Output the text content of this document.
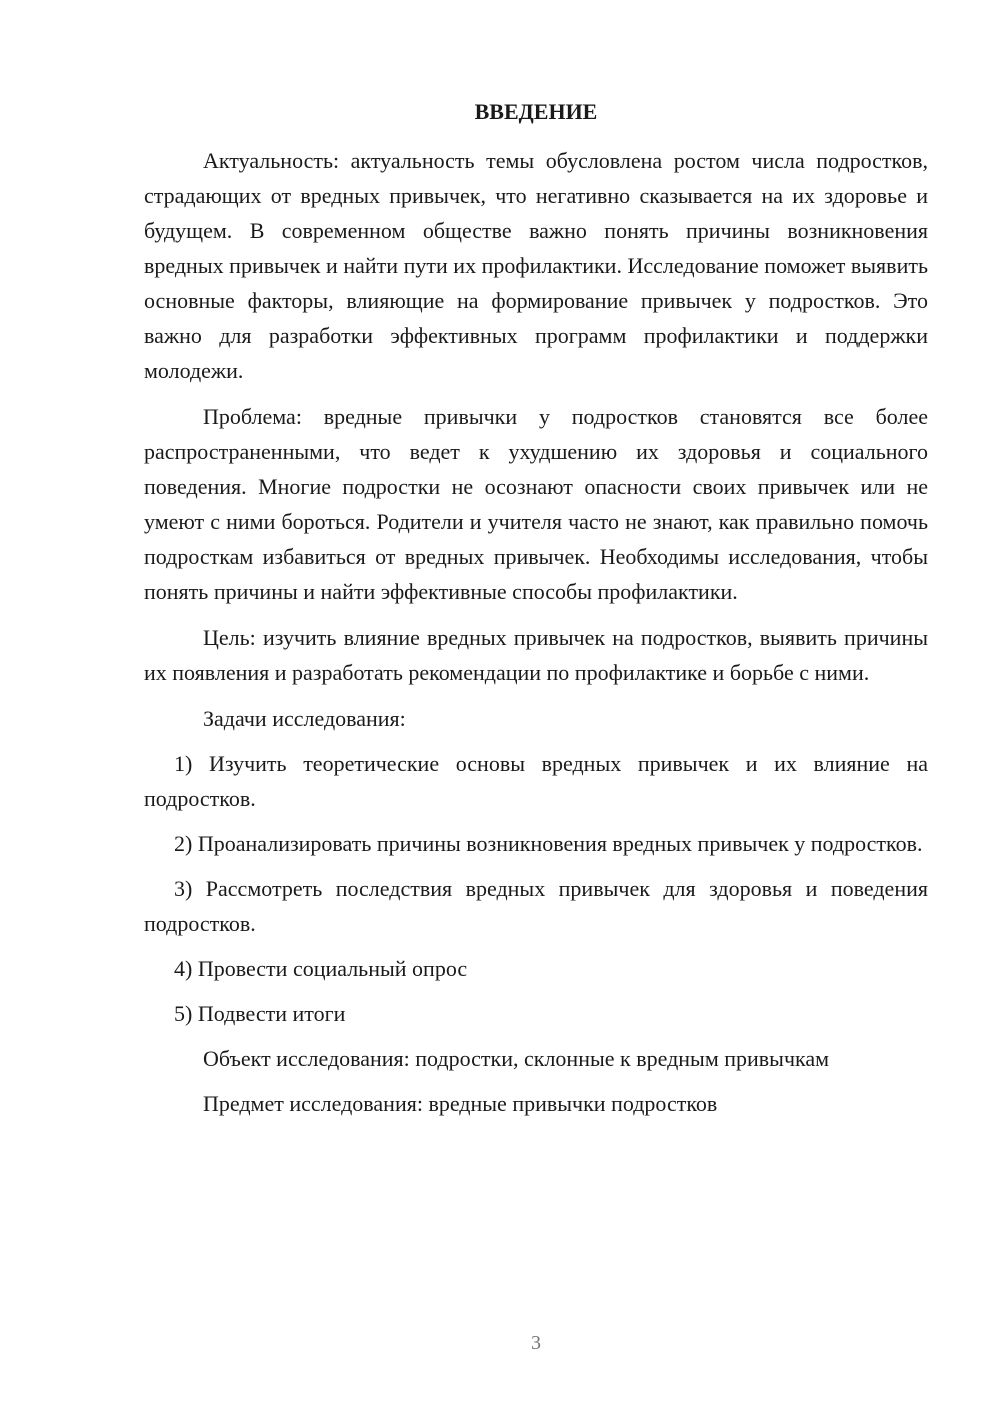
ВВЕДЕНИЕ

Актуальность: актуальность темы обусловлена ростом числа подростков, страдающих от вредных привычек, что негативно сказывается на их здоровье и будущем. В современном обществе важно понять причины возникновения вредных привычек и найти пути их профилактики. Исследование поможет выявить основные факторы, влияющие на формирование привычек у подростков. Это важно для разработки эффективных программ профилактики и поддержки молодежи.

Проблема: вредные привычки у подростков становятся все более распространенными, что ведет к ухудшению их здоровья и социального поведения. Многие подростки не осознают опасности своих привычек или не умеют с ними бороться. Родители и учителя часто не знают, как правильно помочь подросткам избавиться от вредных привычек. Необходимы исследования, чтобы понять причины и найти эффективные способы профилактики.

Цель: изучить влияние вредных привычек на подростков, выявить причины их появления и разработать рекомендации по профилактике и борьбе с ними.

Задачи исследования:

1) Изучить теоретические основы вредных привычек и их влияние на подростков.

2) Проанализировать причины возникновения вредных привычек у подростков.

3) Рассмотреть последствия вредных привычек для здоровья и поведения подростков.

4) Провести социальный опрос

5) Подвести итоги

Объект исследования: подростки, склонные к вредным привычкам

Предмет исследования: вредные привычки подростков

3
